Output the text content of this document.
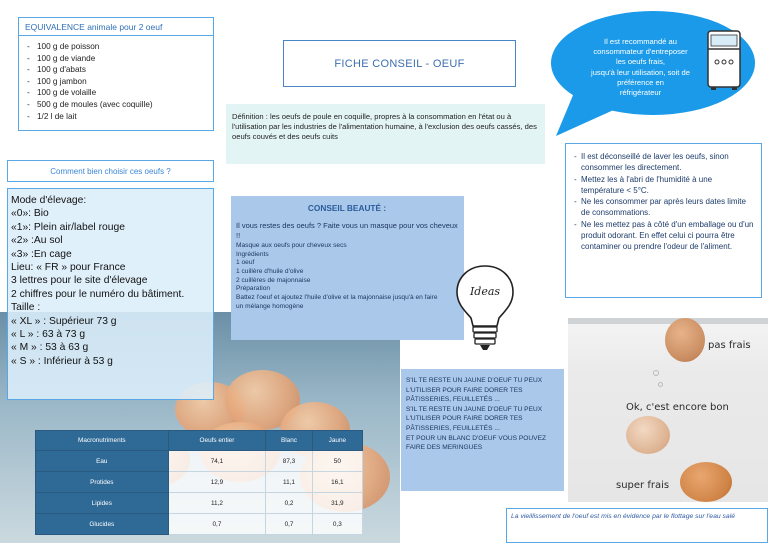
EQUIVALENCE animale pour 2 oeuf
- 100 g de poisson
- 100 g de viande
- 100 g d'abats
- 100 g jambon
- 100 g de volaille
- 500 g de moules (avec coquille)
- 1/2 l de lait
FICHE CONSEIL - OEUF
Définition : les oeufs de poule en coquille, propres à la consommation en l'état ou à l'utilisation par les industries de l'alimentation humaine, à l'exclusion des oeufs cassés, des oeufs couvés et des oeufs cuits
Il est recommandé au
consommateur d'entreposer
les oeufs frais,
jusqu'à leur utilisation, soit de
préférence en
réfrigérateur
- Il est déconseillé de laver les oeufs, sinon consommer les directement.
- Mettez les à l'abri de l'humidité à une température < 5°C.
- Ne les consommer par après leurs dates limite de consommations.
- Ne les mettez pas à côté d'un emballage ou d'un produit odorant. En effet celui ci pourra être contaminer ou prendre l'odeur de l'aliment.
Comment bien choisir ces oeufs ?
Mode d'élevage:
«0»: Bio
«1»: Plein air/label rouge
«2» :Au sol
«3» :En cage
Lieu: « FR » pour France
3 lettres pour le site d'élevage
2 chiffres pour le numéro du bâtiment.
Taille :
« XL » : Supérieur 73 g
« L » : 63 à 73 g
« M » : 53 à 63 g
« S » : Inférieur à 53 g
CONSEIL BEAUTÉ :
Il vous restes des oeufs ? Faite vous un masque pour vos cheveux !!
Masque aux oeufs pour cheveux secs
Ingrédients
1 oeuf
1 cuillère d'huile d'olive
2 cuillères de majonnaise
Préparation
Battez l'oeuf et ajoutez l'huile d'olive et la majonnaise jusqu'à en faire
un mélange homogène
Ideas
S'IL TE RESTE UN JAUNE D'OEUF TU PEUX
L'UTILISER POUR FAIRE DORER TES
PÂTISSERIES, FEUILLETÉS ...
S'IL TE RESTE UN JAUNE D'OEUF TU PEUX
L'UTILISER POUR FAIRE DORER TES
PÂTISSERIES, FEUILLETÉS ...
ET POUR UN BLANC D'OEUF VOUS POUVEZ
FAIRE DES MERINGUES
Macronutriments	Oeufs entier	Blanc	Jaune
Eau	74,1	87,3	50
Protides	12,9	11,1	16,1
Lipides	11,2	0,2	31,9
Glucides	0,7	0,7	0,3
pas frais
Ok, c'est encore bon
super frais
La vieillissement de l'oeuf est mis en évidence par le flottage sur l'eau salé
